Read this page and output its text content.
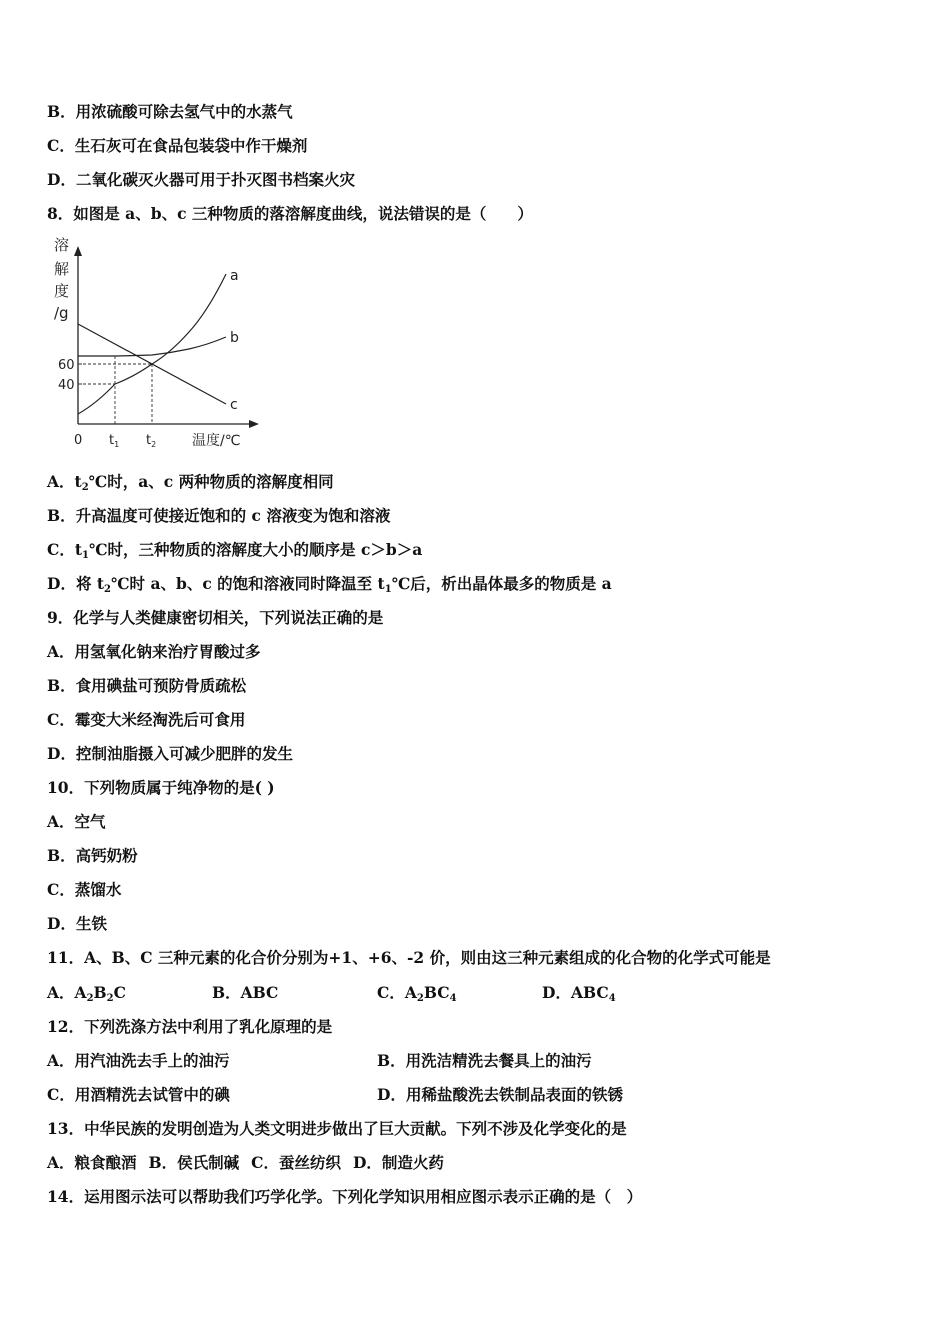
B．用浓硫酸可除去氢气中的水蒸气
C．生石灰可在食品包装袋中作干燥剂
D．二氧化碳灭火器可用于扑灭图书档案火灾
8．如图是 a、b、c 三种物质的落溶解度曲线，说法错误的是（　　）
溶
解
度
/g
60
40
$t_1$ $t_2$
0	温度/℃
a
b
c
A．$t_2℃$时，a、c 两种物质的溶解度相同
B．升高温度可使接近饱和的 c 溶液变为饱和溶液
C．$t_1℃$时，三种物质的溶解度大小的顺序是 c＞b＞a
D．将 $t_2℃$时 a、b、c 的饱和溶液同时降温至 $t_1℃$后，析出晶体最多的物质是 a
9．化学与人类健康密切相关，下列说法正确的是
A．用氢氧化钠来治疗胃酸过多
B．食用碘盐可预防骨质疏松
C．霉变大米经淘洗后可食用
D．控制油脂摄入可减少肥胖的发生
10．下列物质属于纯净物的是( )
A．空气
B．高钙奶粉
C．蒸馏水
D．生铁
11．A、B、C 三种元素的化合价分别为+1、+6、-2 价，则由这三种元素组成的化合物的化学式可能是
A．$A_2B_2C$	B．ABC	C．$A_2BC_4$	D．$ABC_4$
12．下列洗涤方法中利用了乳化原理的是
A．用汽油洗去手上的油污	B．用洗洁精洗去餐具上的油污
C．用酒精洗去试管中的碘	D．用稀盐酸洗去铁制品表面的铁锈
13．中华民族的发明创造为人类文明进步做出了巨大贡献。下列不涉及化学变化的是
A．粮食酿酒 B．侯氏制碱 C．蚕丝纺织 D．制造火药
14．运用图示法可以帮助我们巧学化学。下列化学知识用相应图示表示正确的是（　）
